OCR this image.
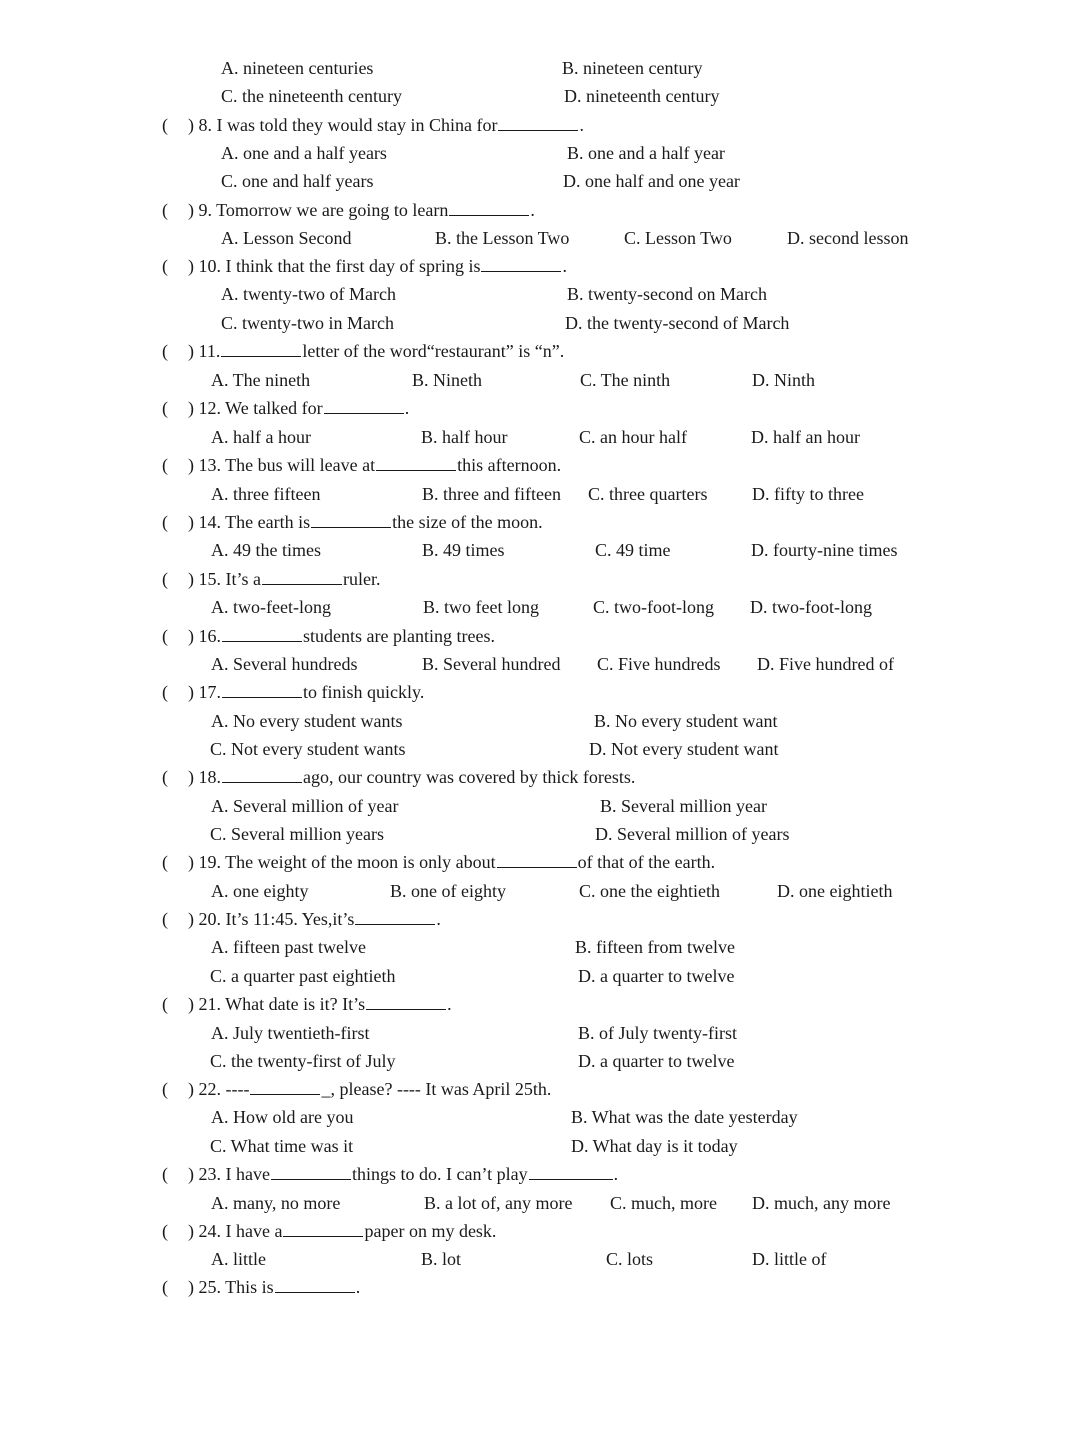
A. nineteen centuries	B. nineteen century
C. the nineteenth century	D. nineteenth century
( ) 8. I was told they would stay in China for	.
A. one and a half years	B. one and a half year
C. one and half years	D. one half and one year
( ) 9. Tomorrow we are going to learn	.
A. Lesson Second	B. the Lesson Two	C. Lesson Two	D. second lesson
( ) 10. I think that the first day of spring is	.
A. twenty-two of March	B. twenty-second on March
C. twenty-two in March	D. the twenty-second of March
( ) 11.	letter of the word“restaurant” is “n”.
A. The nineth	B. Nineth	C. The ninth	D. Ninth
( ) 12. We talked for	.
A. half a hour	B. half hour	C. an hour half	D. half an hour
( ) 13. The bus will leave at	this afternoon.
A. three fifteen	B. three and fifteen C. three quarters D. fifty to three
( ) 14. The earth is	the size of the moon.
A. 49 the times	B. 49 times	C. 49 time	D. fourty-nine times
( ) 15. It’s a	ruler.
A. two-feet-long	B. two feet long	C. two-foot-long D. two-foot-long
( ) 16.	students are planting trees.
A. Several hundreds	B. Several hundred C. Five hundreds D. Five hundred of
( ) 17.	to finish quickly.
A. No every student wants	B. No every student want
C. Not every student wants	D. Not every student want
( ) 18.	ago, our country was covered by thick forests.
A. Several million of year	B. Several million year
C. Several million years	D. Several million of years
( ) 19. The weight of the moon is only about	of that of the earth.
A. one eighty	B. one of eighty	C. one the eightieth	D. one eightieth
( ) 20. It’s 11:45. Yes,it’s	.
A. fifteen past twelve	B. fifteen from twelve
C. a quarter past eightieth	D. a quarter to twelve
( ) 21. What date is it? It’s	.
A. July twentieth-first	B. of July twenty-first
C. the twenty-first of July	D. a quarter to twelve
( ) 22. ----	_, please? ---- It was April 25th.
A. How old are you	B. What was the date yesterday
C. What time was it	D. What day is it today
( ) 23. I have	things to do. I can’t play	.
A. many, no more	B. a lot of, any more C. much, more D. much, any more
( ) 24. I have a	paper on my desk.
A. little	B. lot	C. lots	D. little of
( ) 25. This is	.
